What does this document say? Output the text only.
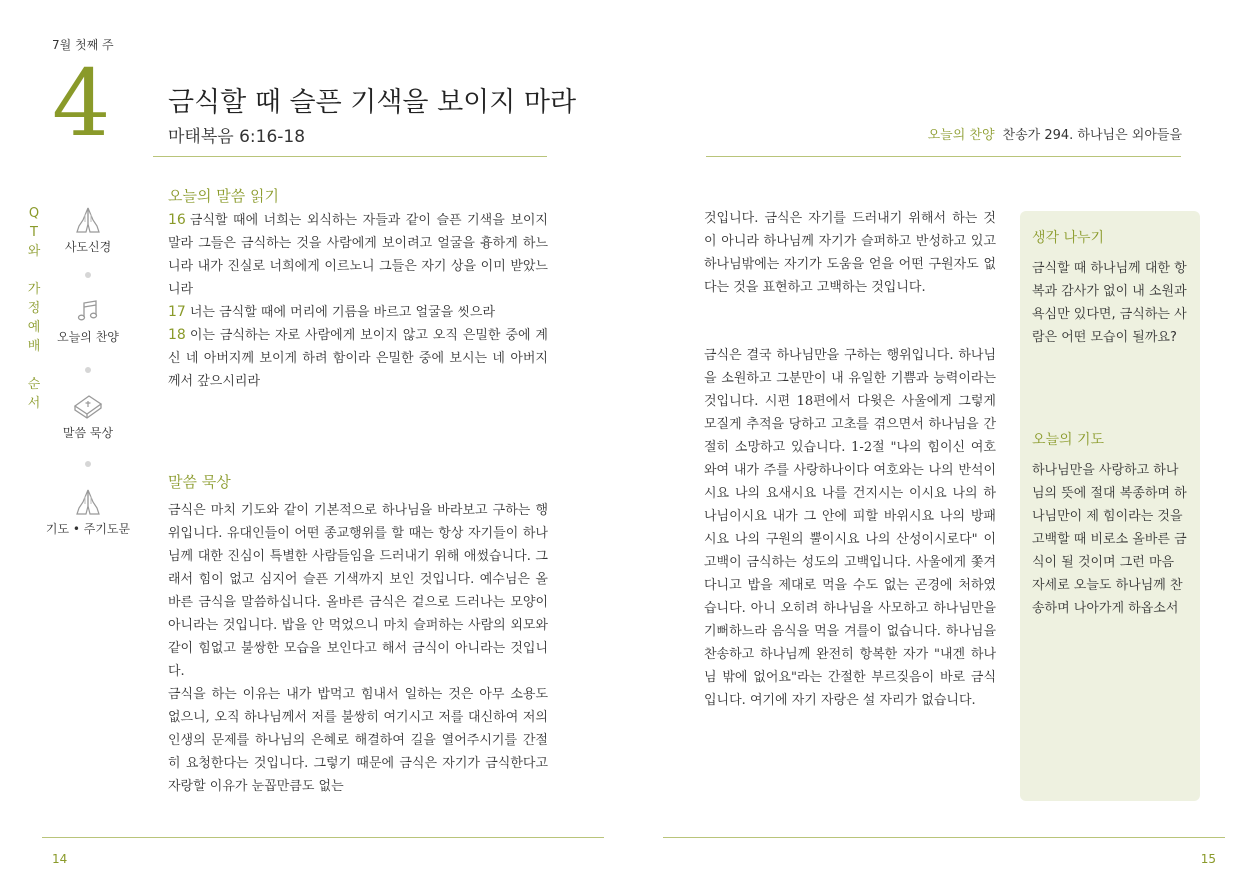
7월 첫째 주
4 금식할 때 슬픈 기색을 보이지 마라
마태복음 6:16-18	오늘의 찬양 찬송가 294. 하나님은 외아들을
Q
T
와
가
정
예
배
순
서
사도신경
오늘의 찬양
말씀 묵상
기도 • 주기도문
오늘의 말씀 읽기

16 금식할 때에 너희는 외식하는 자들과 같이 슬픈 기색을 보이지 말라 그들은 금식하는 것을 사람에게 보이려고 얼굴을 흉하게 하느니라 내가 진실로 너희에게 이르노니 그들은 자기 상을 이미 받았느니라

17 너는 금식할 때에 머리에 기름을 바르고 얼굴을 씻으라

18 이는 금식하는 자로 사람에게 보이지 않고 오직 은밀한 중에 계신 네 아버지께 보이게 하려 함이라 은밀한 중에 보시는 네 아버지께서 갚으시리라

말씀 묵상

금식은 마치 기도와 같이 기본적으로 하나님을 바라보고 구하는 행위입니다. 유대인들이 어떤 종교행위를 할 때는 항상 자기들이 하나님께 대한 진심이 특별한 사람들임을 드러내기 위해 애썼습니다. 그래서 힘이 없고 심지어 슬픈 기색까지 보인 것입니다. 예수님은 올바른 금식을 말씀하십니다. 올바른 금식은 겉으로 드러나는 모양이 아니라는 것입니다. 밥을 안 먹었으니 마치 슬퍼하는 사람의 외모와 같이 힘없고 불쌍한 모습을 보인다고 해서 금식이 아니라는 것입니다.

금식을 하는 이유는 내가 밥먹고 힘내서 일하는 것은 아무 소용도 없으니, 오직 하나님께서 저를 불쌍히 여기시고 저를 대신하여 저의 인생의 문제를 하나님의 은혜로 해결하여 길을 열어주시기를 간절히 요청한다는 것입니다. 그렇기 때문에 금식은 자기가 금식한다고 자랑할 이유가 눈꼽만큼도 없는

것입니다. 금식은 자기를 드러내기 위해서 하는 것이 아니라 하나님께 자기가 슬퍼하고 반성하고 있고 하나님밖에는 자기가 도움을 얻을 어떤 구원자도 없다는 것을 표현하고 고백하는 것입니다.

금식은 결국 하나님만을 구하는 행위입니다. 하나님을 소원하고 그분만이 내 유일한 기쁨과 능력이라는 것입니다. 시편 18편에서 다윗은 사울에게 그렇게 모질게 추적을 당하고 고초를 겪으면서 하나님을 간절히 소망하고 있습니다. 1-2절 "나의 힘이신 여호와여 내가 주를 사랑하나이다 여호와는 나의 반석이시요 나의 요새시요 나를 건지시는 이시요 나의 하나님이시요 내가 그 안에 피할 바위시요 나의 방패시요 나의 구원의 뿔이시요 나의 산성이시로다" 이 고백이 금식하는 성도의 고백입니다. 사울에게 쫓겨다니고 밥을 제대로 먹을 수도 없는 곤경에 처하였습니다. 아니 오히려 하나님을 사모하고 하나님만을 기뻐하느라 음식을 먹을 겨를이 없습니다. 하나님을 찬송하고 하나님께 완전히 항복한 자가 "내겐 하나님 밖에 없어요"라는 간절한 부르짖음이 바로 금식입니다. 여기에 자기 자랑은 설 자리가 없습니다.

생각 나누기
금식할 때 하나님께 대한 항복과 감사가 없이 내 소원과 욕심만 있다면, 금식하는 사람은 어떤 모습이 될까요?
오늘의 기도
하나님만을 사랑하고 하나님의 뜻에 절대 복종하며 하나님만이 제 힘이라는 것을 고백할 때 비로소 올바른 금식이 될 것이며 그런 마음 자세로 오늘도 하나님께 찬송하며 나아가게 하옵소서
14	15
